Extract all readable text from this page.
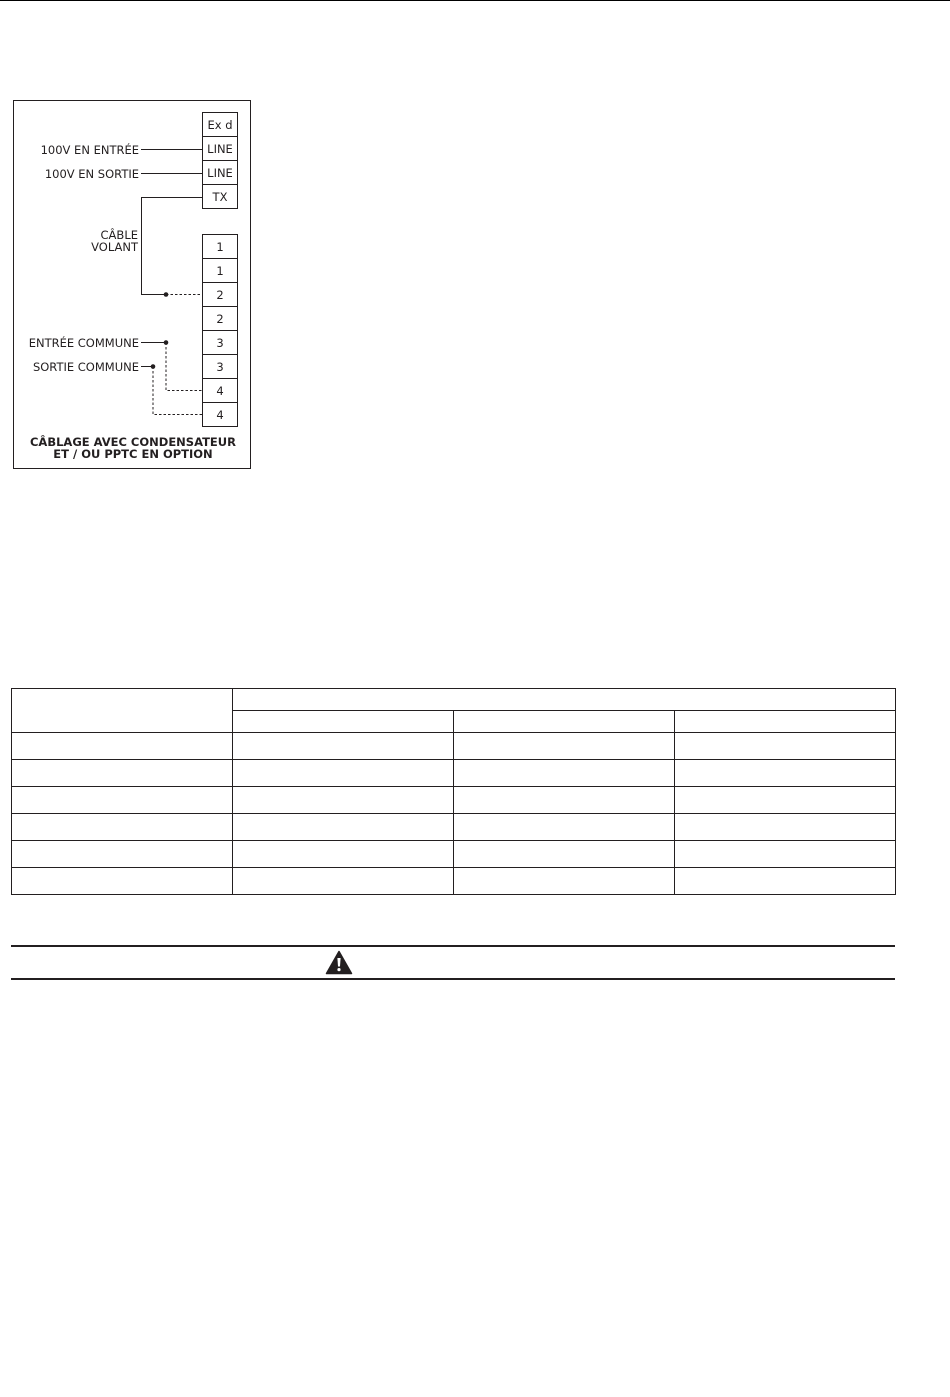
Ex d
LINE
LINE
TX
1
1
2
2
3
3
4
4
100V EN ENTRÉE
100V EN SORTIE
CÂBLE
VOLANT
ENTRÉE COMMUNE
SORTIE COMMUNE
CÂBLAGE AVEC CONDENSATEUR
ET / OU PPTC EN OPTION
